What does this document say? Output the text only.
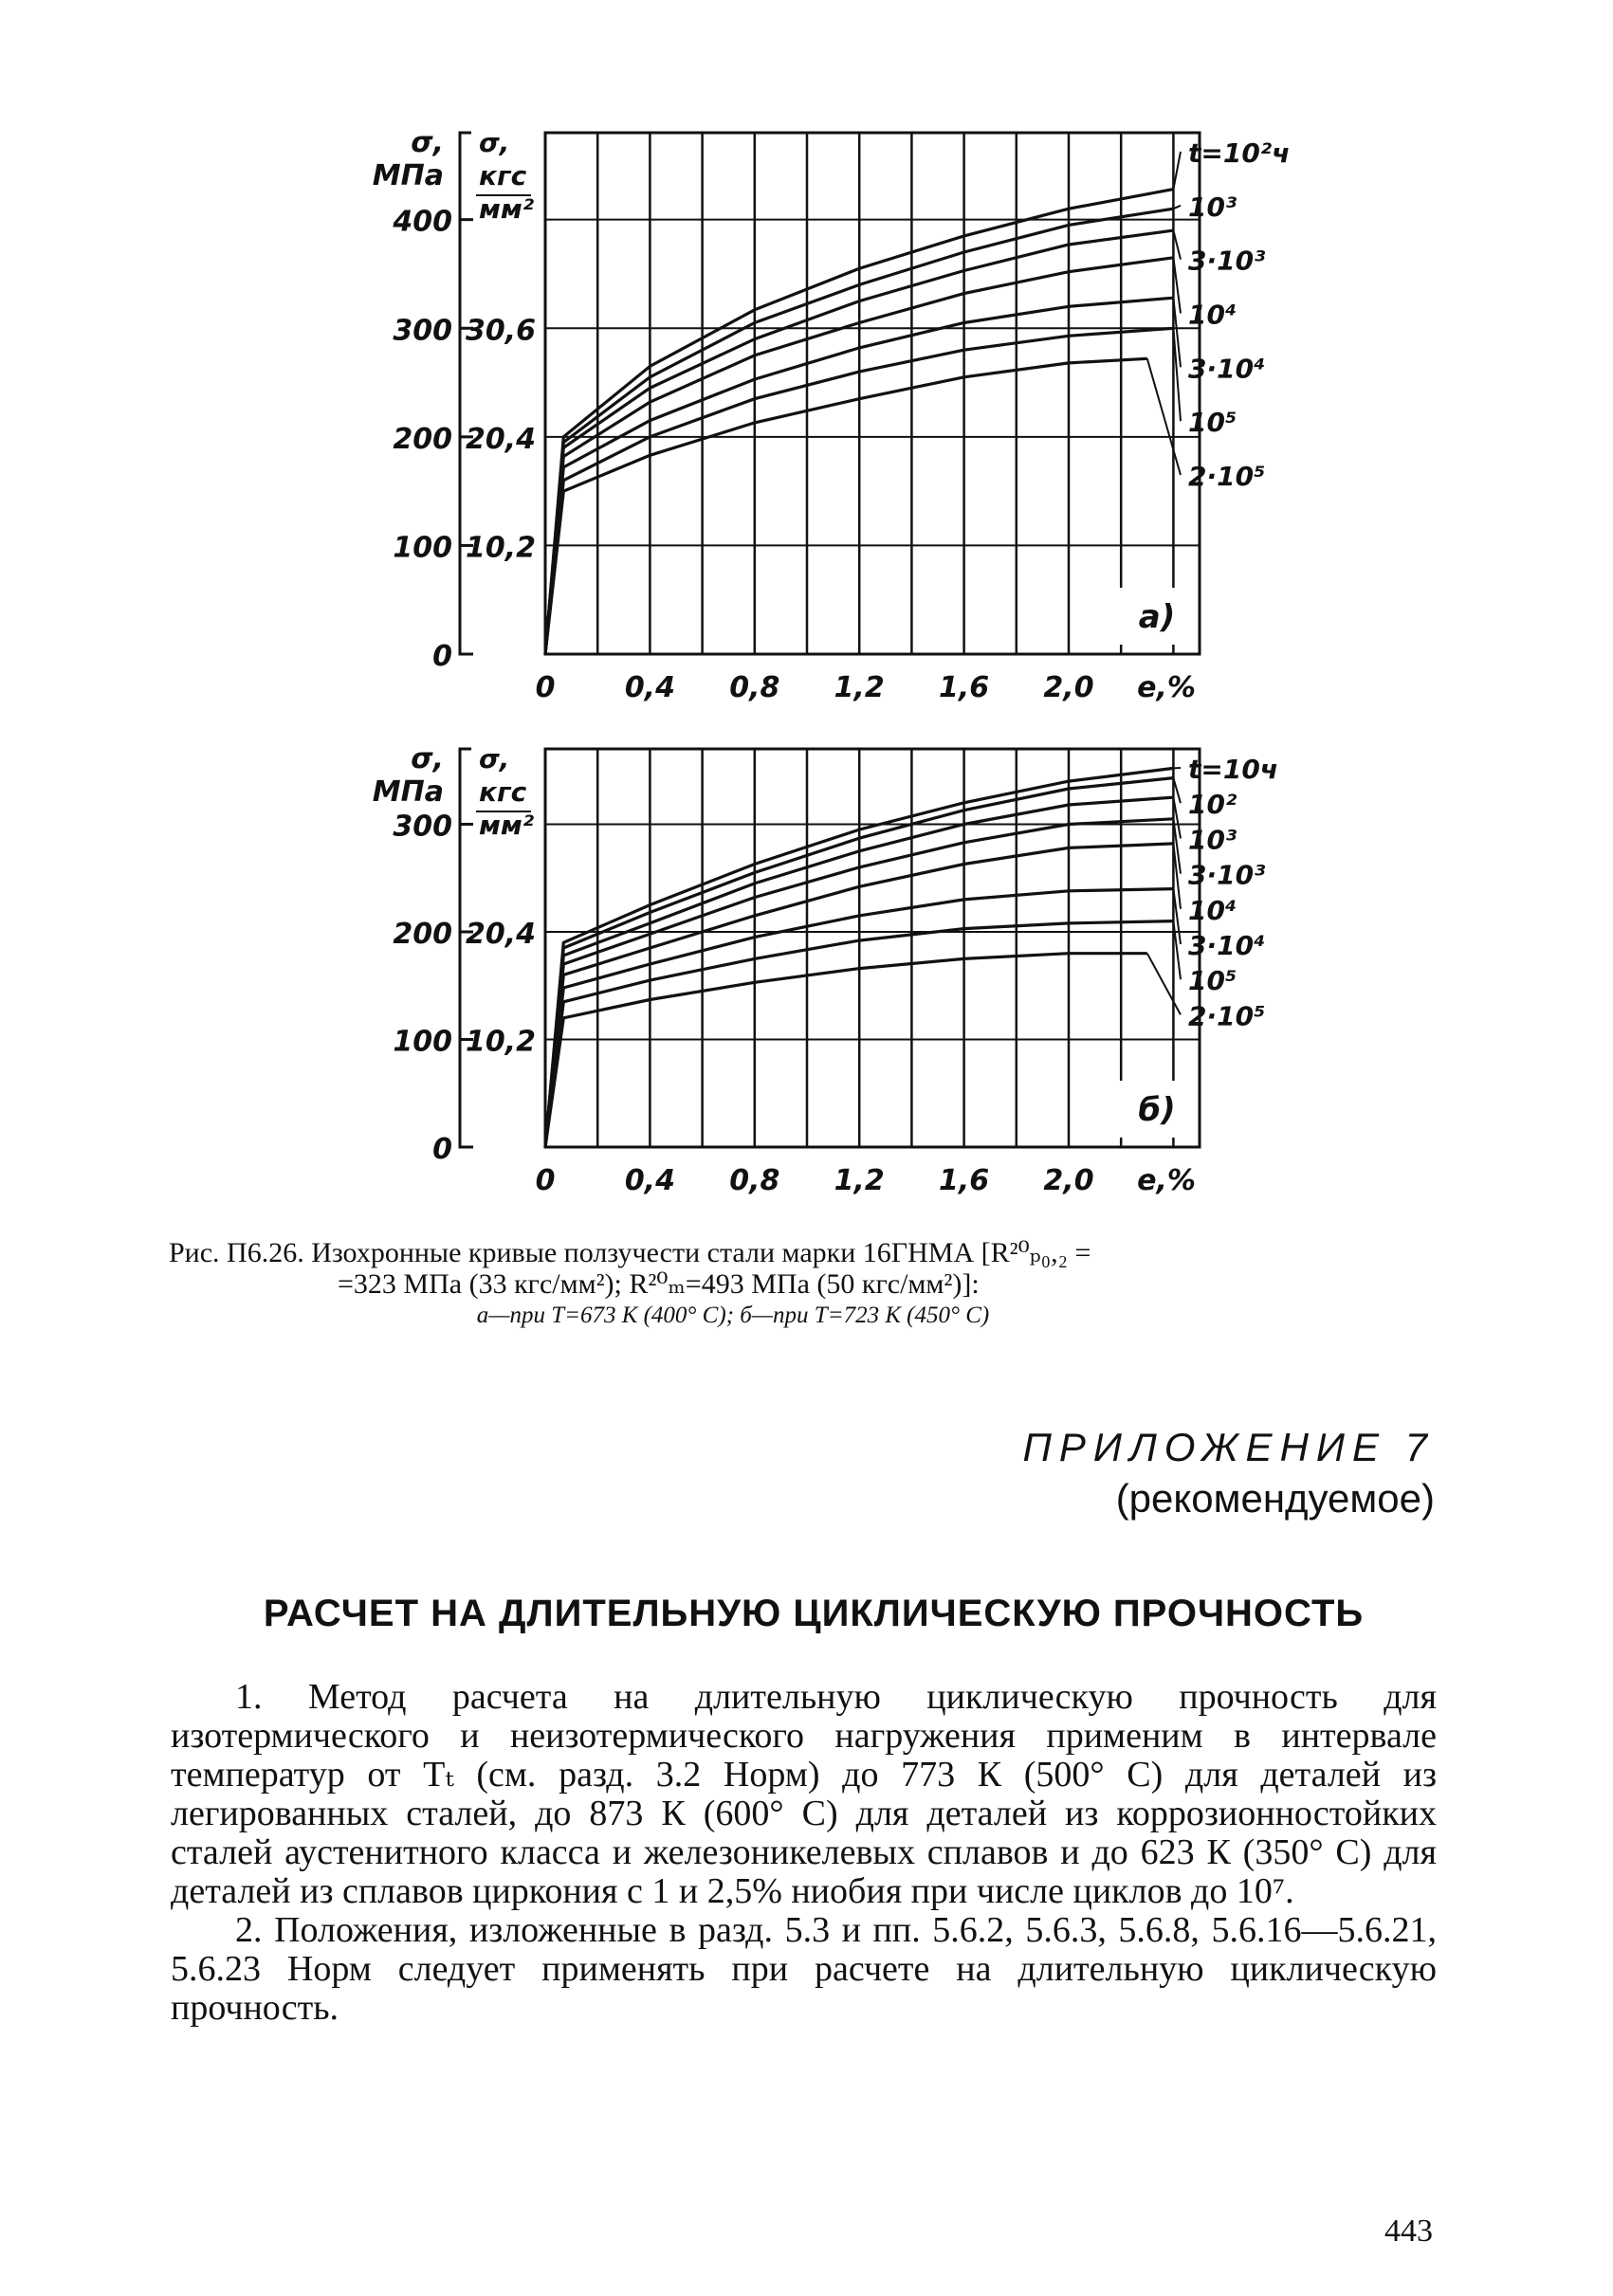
0
100
200
300
400
10,2
20,4
30,6
σ,
МПа
σ,
кгс
мм²
0 0,4 0,8 1,2 1,6 2,0 e,%
а)
t=10²ч
10³
3·10³
10⁴
3·10⁴
10⁵
2·10⁵
0
100
200
300
10,2
20,4
σ,
МПа
σ,
кгс
мм²
0 0,4 0,8 1,2 1,6 2,0 e,%
б)
t=10ч
10²
10³
3·10³
10⁴
3·10⁴
10⁵
2·10⁵
Рис. П6.26. Изохронные кривые ползучести стали марки 16ГНМА [R²⁰ₚ₀,₂ =
=323 МПа (33 кгс/мм²); R²⁰ₘ=493 МПа (50 кгс/мм²)]:
а—при T=673 К (400° С); б—при T=723 К (450° С)
ПРИЛОЖЕНИЕ 7
(рекомендуемое)
РАСЧЕТ НА ДЛИТЕЛЬНУЮ ЦИКЛИЧЕСКУЮ ПРОЧНОСТЬ

1. Метод расчета на длительную циклическую прочность для изотермического и неизотермического нагружения применим в интервале температур от Tₜ (см. разд. 3.2 Норм) до 773 К (500° С) для деталей из легированных сталей, до 873 К (600° С) для деталей из коррозионностойких сталей аустенитного класса и железоникелевых сплавов и до 623 К (350° С) для деталей из сплавов циркония с 1 и 2,5% ниобия при числе циклов до 10⁷.

2. Положения, изложенные в разд. 5.3 и пп. 5.6.2, 5.6.3, 5.6.8, 5.6.16—5.6.21, 5.6.23 Норм следует применять при расчете на длительную циклическую прочность.

443
